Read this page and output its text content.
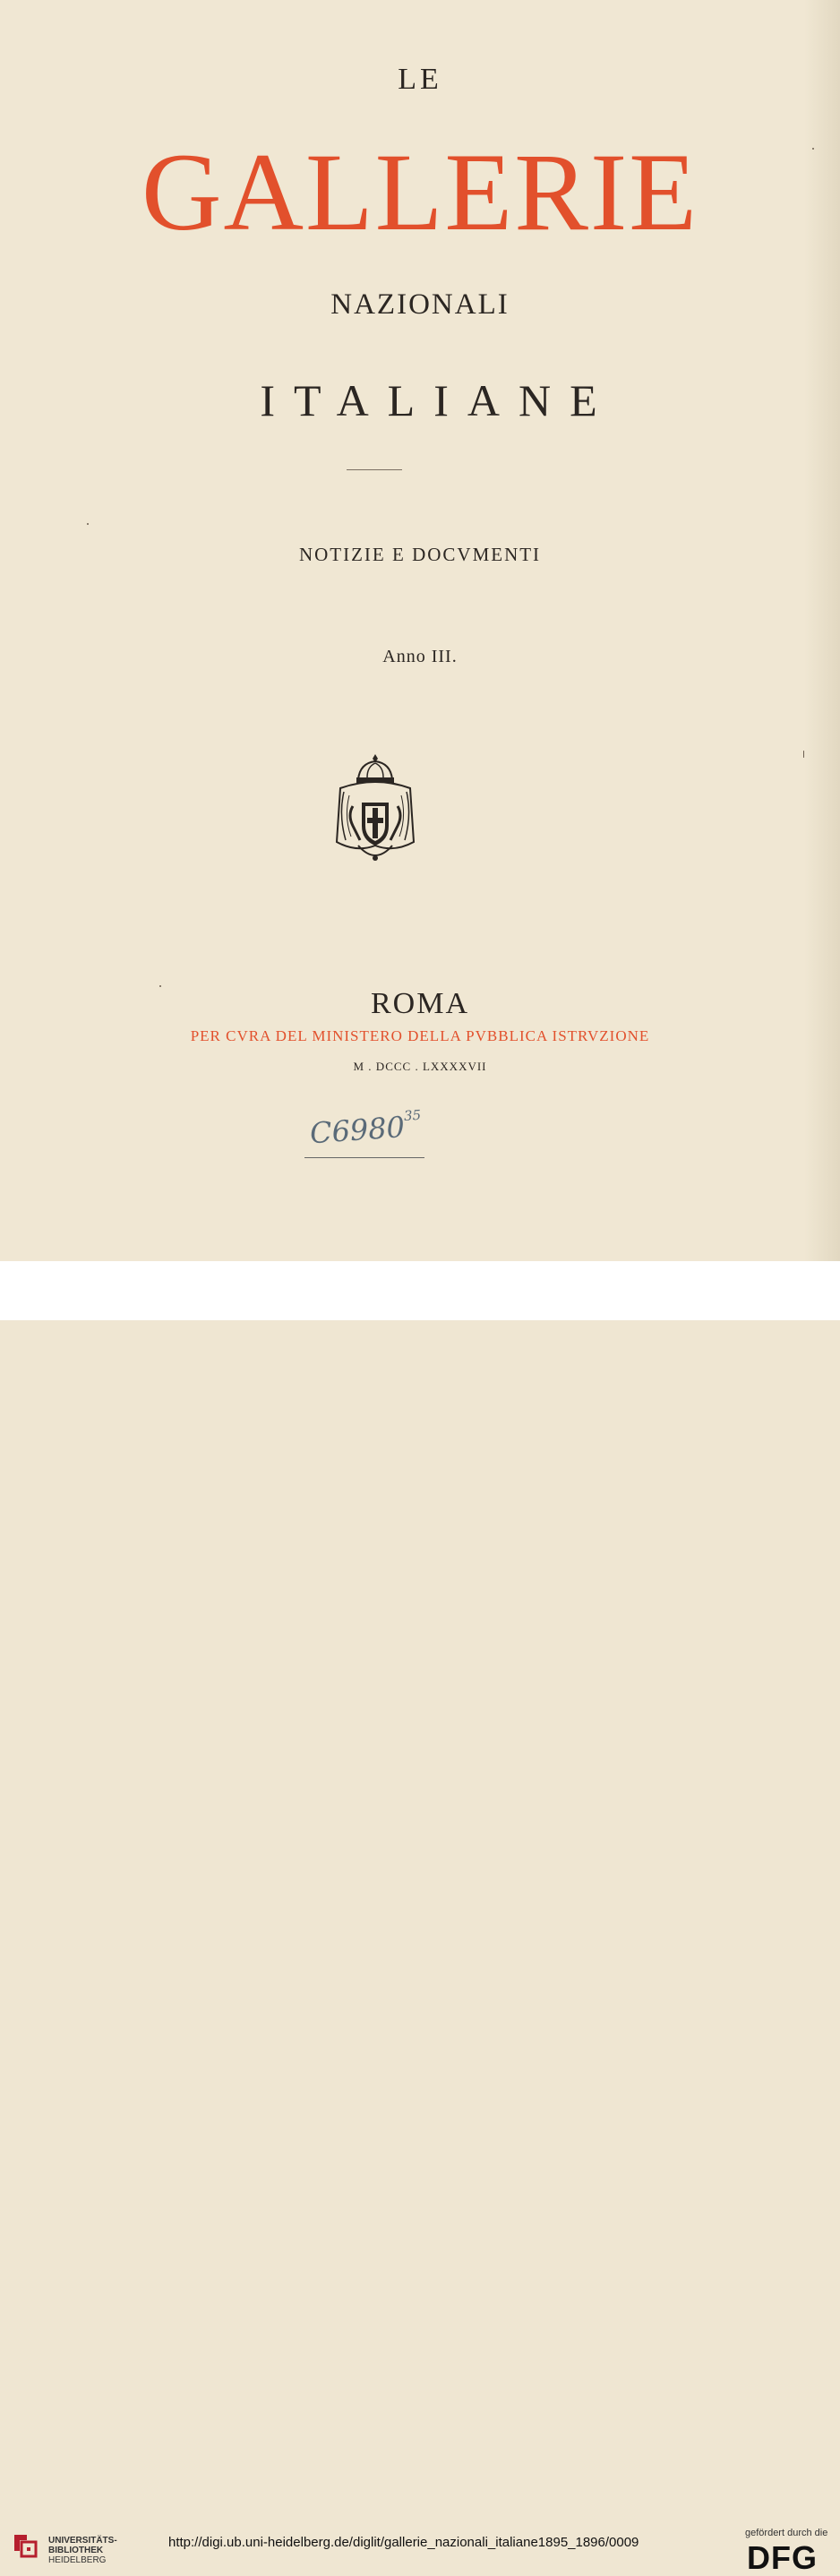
LE
GALLERIE
NAZIONALI
ITALIANE
NOTIZIE E DOCVMENTI
Anno III.
ROMA
PER CVRA DEL MINISTERO DELLA PVBBLICA ISTRVZIONE
M . DCCC . LXXXXVII
C6980$^{35}$
UNIVERSITÄTS-
BIBLIOTHEK
HEIDELBERG
http://digi.ub.uni-heidelberg.de/diglit/gallerie_nazionali_italiane1895_1896/0009
gefördert durch die
DFG
